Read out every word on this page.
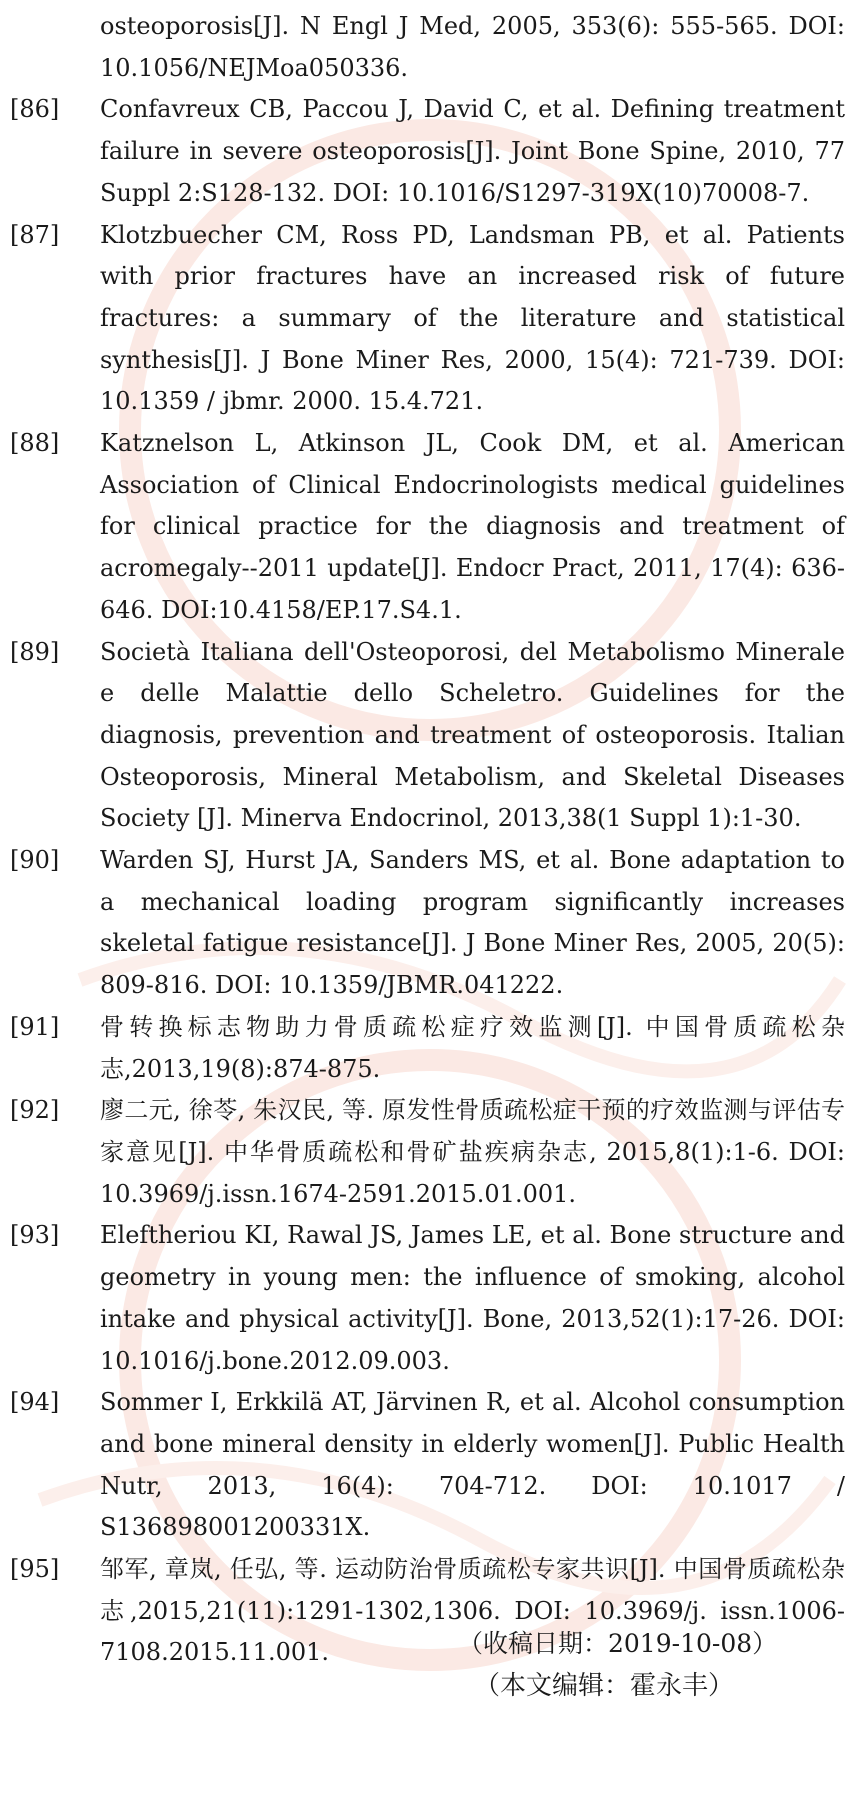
osteoporosis[J]. N Engl J Med, 2005, 353(6): 555-565. DOI: 10.1056/NEJMoa050336.
[86] Confavreux CB, Paccou J, David C, et al. Defining treatment failure in severe osteoporosis[J]. Joint Bone Spine, 2010, 77 Suppl 2:S128-132. DOI: 10.1016/S1297-319X(10)70008-7.
[87] Klotzbuecher CM, Ross PD, Landsman PB, et al. Patients with prior fractures have an increased risk of future fractures: a summary of the literature and statistical synthesis[J]. J Bone Miner Res, 2000, 15(4): 721-739. DOI: 10.1359 / jbmr. 2000. 15.4.721.
[88] Katznelson L, Atkinson JL, Cook DM, et al. American Association of Clinical Endocrinologists medical guidelines for clinical practice for the diagnosis and treatment of acromegaly--2011 update[J]. Endocr Pract, 2011, 17(4): 636-646. DOI:10.4158/EP.17.S4.1.
[89] Società Italiana dell'Osteoporosi, del Metabolismo Minerale e delle Malattie dello Scheletro. Guidelines for the diagnosis, prevention and treatment of osteoporosis. Italian Osteoporosis, Mineral Metabolism, and Skeletal Diseases Society [J]. Minerva Endocrinol, 2013,38(1 Suppl 1):1-30.
[90] Warden SJ, Hurst JA, Sanders MS, et al. Bone adaptation to a mechanical loading program significantly increases skeletal fatigue resistance[J]. J Bone Miner Res, 2005, 20(5): 809-816. DOI: 10.1359/JBMR.041222.
[91] 骨转换标志物助力骨质疏松症疗效监测[J]. 中国骨质疏松杂志,2013,19(8):874-875.
[92] 廖二元, 徐苓, 朱汉民, 等. 原发性骨质疏松症干预的疗效监测与评估专家意见[J]. 中华骨质疏松和骨矿盐疾病杂志, 2015,8(1):1-6. DOI: 10.3969/j.issn.1674-2591.2015.01.001.
[93] Eleftheriou KI, Rawal JS, James LE, et al. Bone structure and geometry in young men: the influence of smoking, alcohol intake and physical activity[J]. Bone, 2013,52(1):17-26. DOI: 10.1016/j.bone.2012.09.003.
[94] Sommer I, Erkkilä AT, Järvinen R, et al. Alcohol consumption and bone mineral density in elderly women[J]. Public Health Nutr, 2013, 16(4): 704-712. DOI: 10.1017 / S136898001200331X.
[95] 邹军, 章岚, 任弘, 等. 运动防治骨质疏松专家共识[J]. 中国骨质疏松杂志,2015,21(11):1291-1302,1306. DOI: 10.3969/j. issn.1006-7108.2015.11.001.	（收稿日期：2019-10-08）
（本文编辑：霍永丰）
